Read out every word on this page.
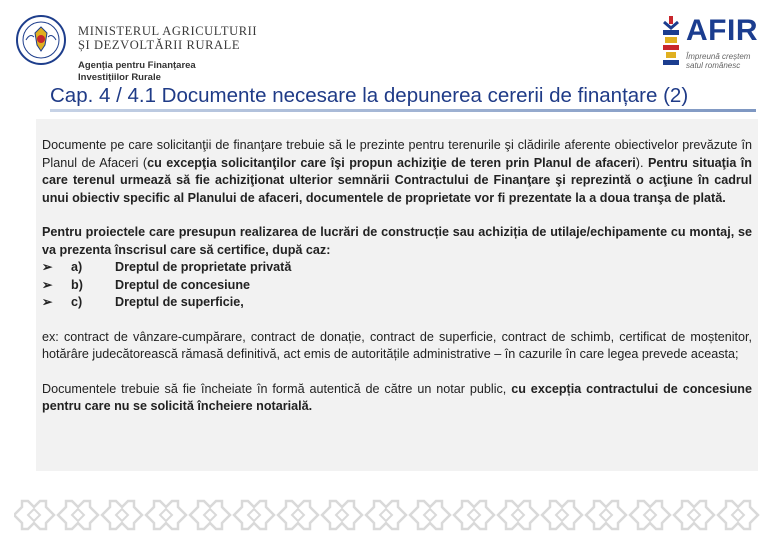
MINISTERUL AGRICULTURII
ȘI DEZVOLTĂRII RURALE
Agenția pentru Finanțarea
Investițiilor Rurale
AFIR
Împreună creștem satul românesc
Cap. 4 / 4.1 Documente necesare la depunerea cererii de finanțare (2)

Documente pe care solicitanţii de finanţare trebuie să le prezinte pentru terenurile şi clădirile aferente obiectivelor prevăzute în Planul de Afaceri (cu excepţia solicitanţilor care îşi propun achiziţie de teren prin Planul de afaceri). Pentru situaţia în care terenul urmează să fie achiziţionat ulterior semnării Contractului de Finanţare şi reprezintă o acţiune în cadrul unui obiectiv specific al Planului de afaceri, documentele de proprietate vor fi prezentate la a doua tranşa de plată.

Pentru proiectele care presupun realizarea de lucrări de construcție sau achiziția de utilaje/echipamente cu montaj, se va prezenta înscrisul care să certifice, după caz:

➢	a)	Dreptul de proprietate privată
➢	b)	Dreptul de concesiune
➢	c)	Dreptul de superficie,

ex: contract de vânzare-cumpărare, contract de donație, contract de superficie, contract de schimb, certificat de moștenitor, hotărâre judecătorească rămasă definitivă, act emis de autoritățile administrative – în cazurile în care legea prevede aceasta;

Documentele trebuie să fie încheiate în formă autentică de către un notar public, cu excepția contractului de concesiune pentru care nu se solicită încheiere notarială.
